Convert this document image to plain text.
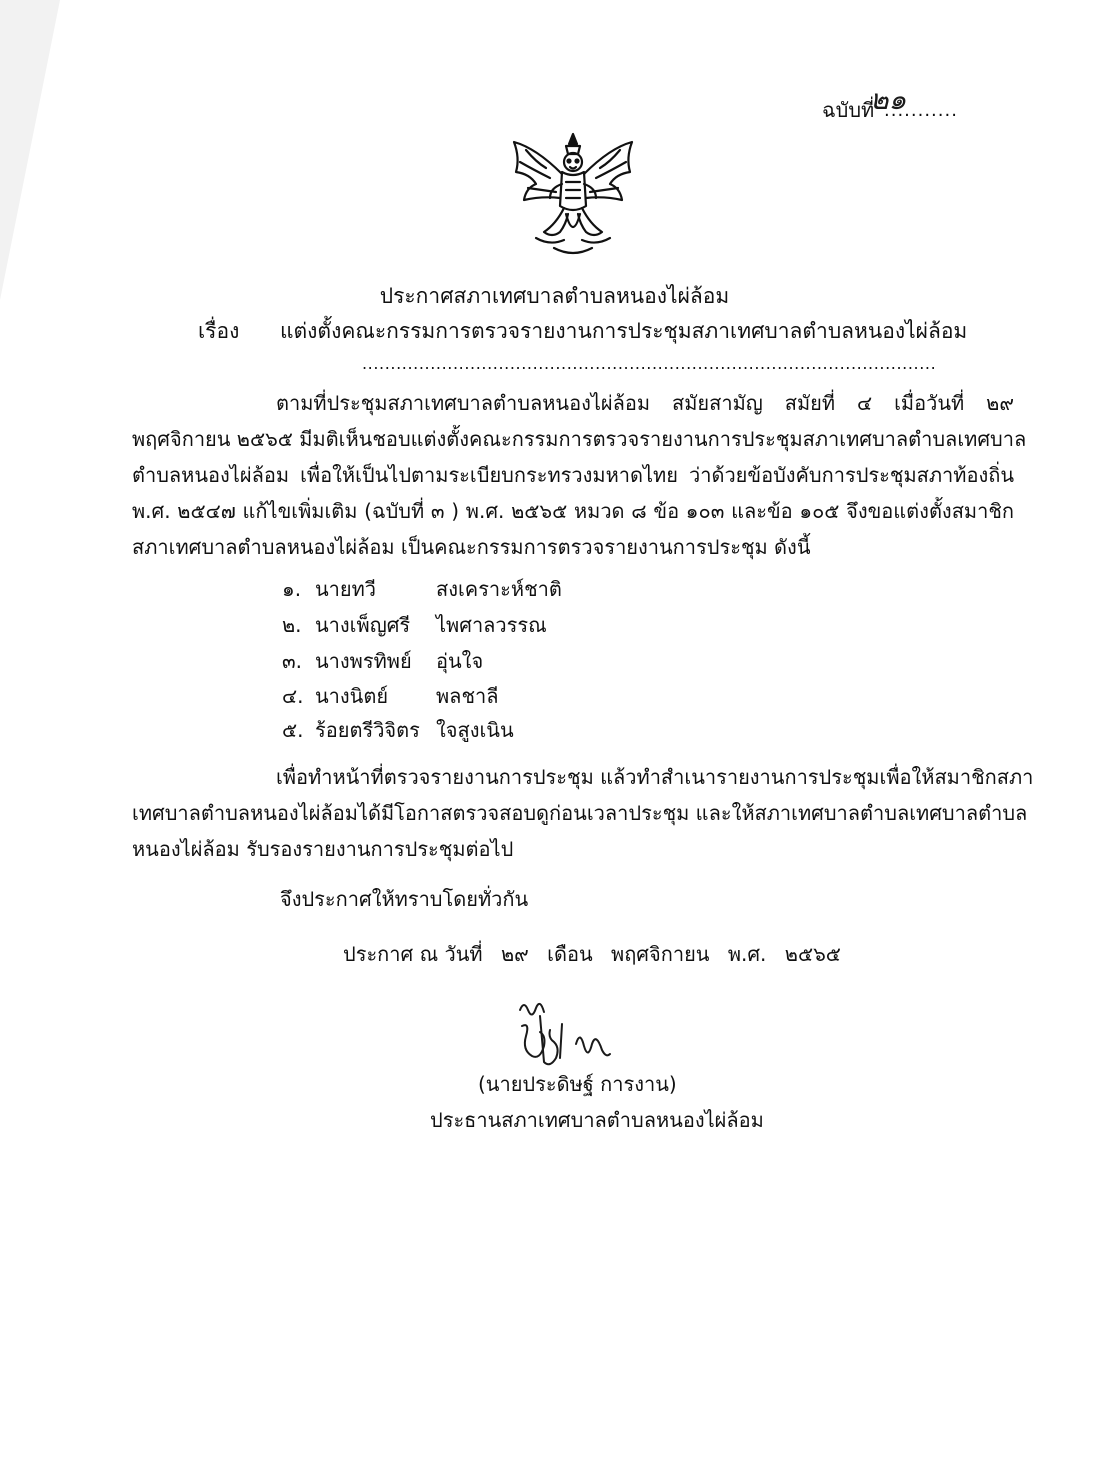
ฉบับที่
๒๑
...........
ประกาศสภาเทศบาลตำบลหนองไผ่ล้อม
เรื่อง แต่งตั้งคณะกรรมการตรวจรายงานการประชุมสภาเทศบาลตำบลหนองไผ่ล้อม
.....................................................................................................
ตามที่ประชุมสภาเทศบาลตำบลหนองไผ่ล้อม สมัยสามัญ สมัยที่ ๔ เมื่อวันที่ ๒๙
พฤศจิกายน ๒๕๖๕ มีมติเห็นชอบแต่งตั้งคณะกรรมการตรวจรายงานการประชุมสภาเทศบาลตำบลเทศบาล
ตำบลหนองไผ่ล้อม เพื่อให้เป็นไปตามระเบียบกระทรวงมหาดไทย ว่าด้วยข้อบังคับการประชุมสภาท้องถิ่น
พ.ศ. ๒๕๔๗ แก้ไขเพิ่มเติม (ฉบับที่ ๓ ) พ.ศ. ๒๕๖๕ หมวด ๘ ข้อ ๑๐๓ และข้อ ๑๐๕ จึงขอแต่งตั้งสมาชิก
สภาเทศบาลตำบลหนองไผ่ล้อม เป็นคณะกรรมการตรวจรายงานการประชุม ดังนี้
๑. นายทวี	สงเคราะห์ชาติ
๒. นางเพ็ญศรี ไพศาลวรรณ
๓. นางพรทิพย์ อุ่นใจ
๔. นางนิตย์ พลชาลี
๕. ร้อยตรีวิจิตร ใจสูงเนิน
เพื่อทำหน้าที่ตรวจรายงานการประชุม แล้วทำสำเนารายงานการประชุมเพื่อให้สมาชิกสภา
เทศบาลตำบลหนองไผ่ล้อมได้มีโอกาสตรวจสอบดูก่อนเวลาประชุม และให้สภาเทศบาลตำบลเทศบาลตำบล
หนองไผ่ล้อม รับรองรายงานการประชุมต่อไป
จึงประกาศให้ทราบโดยทั่วกัน
ประกาศ ณ วันที่ ๒๙ เดือน พฤศจิกายน พ.ศ. ๒๕๖๕
(นายประดิษฐ์ การงาน)
ประธานสภาเทศบาลตำบลหนองไผ่ล้อม
